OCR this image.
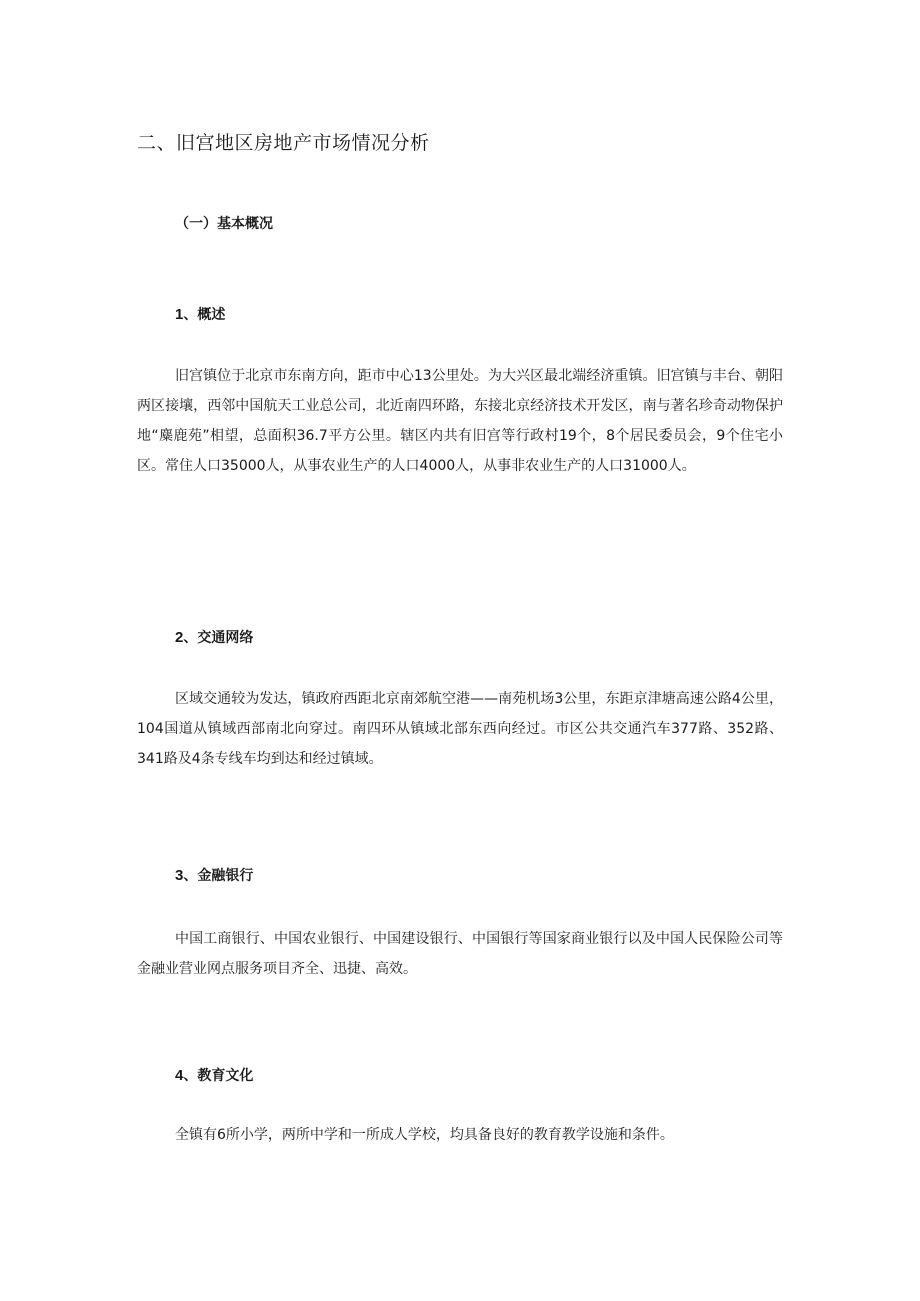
二、旧宫地区房地产市场情况分析
（一）基本概况
1、概述

旧宫镇位于北京市东南方向，距市中心13公里处。为大兴区最北端经济重镇。旧宫镇与丰台、朝阳两区接壤，西邻中国航天工业总公司，北近南四环路，东接北京经济技术开发区，南与著名珍奇动物保护地“麋鹿苑”相望，总面积36.7平方公里。辖区内共有旧宫等行政村19个，8个居民委员会，9个住宅小区。常住人口35000人，从事农业生产的人口4000人，从事非农业生产的人口31000人。

2、交通网络

区域交通较为发达，镇政府西距北京南郊航空港——南苑机场3公里，东距京津塘高速公路4公里，104国道从镇域西部南北向穿过。南四环从镇域北部东西向经过。市区公共交通汽车377路、352路、341路及4条专线车均到达和经过镇域。

3、金融银行

中国工商银行、中国农业银行、中国建设银行、中国银行等国家商业银行以及中国人民保险公司等金融业营业网点服务项目齐全、迅捷、高效。

4、教育文化

全镇有6所小学，两所中学和一所成人学校，均具备良好的教育教学设施和条件。
